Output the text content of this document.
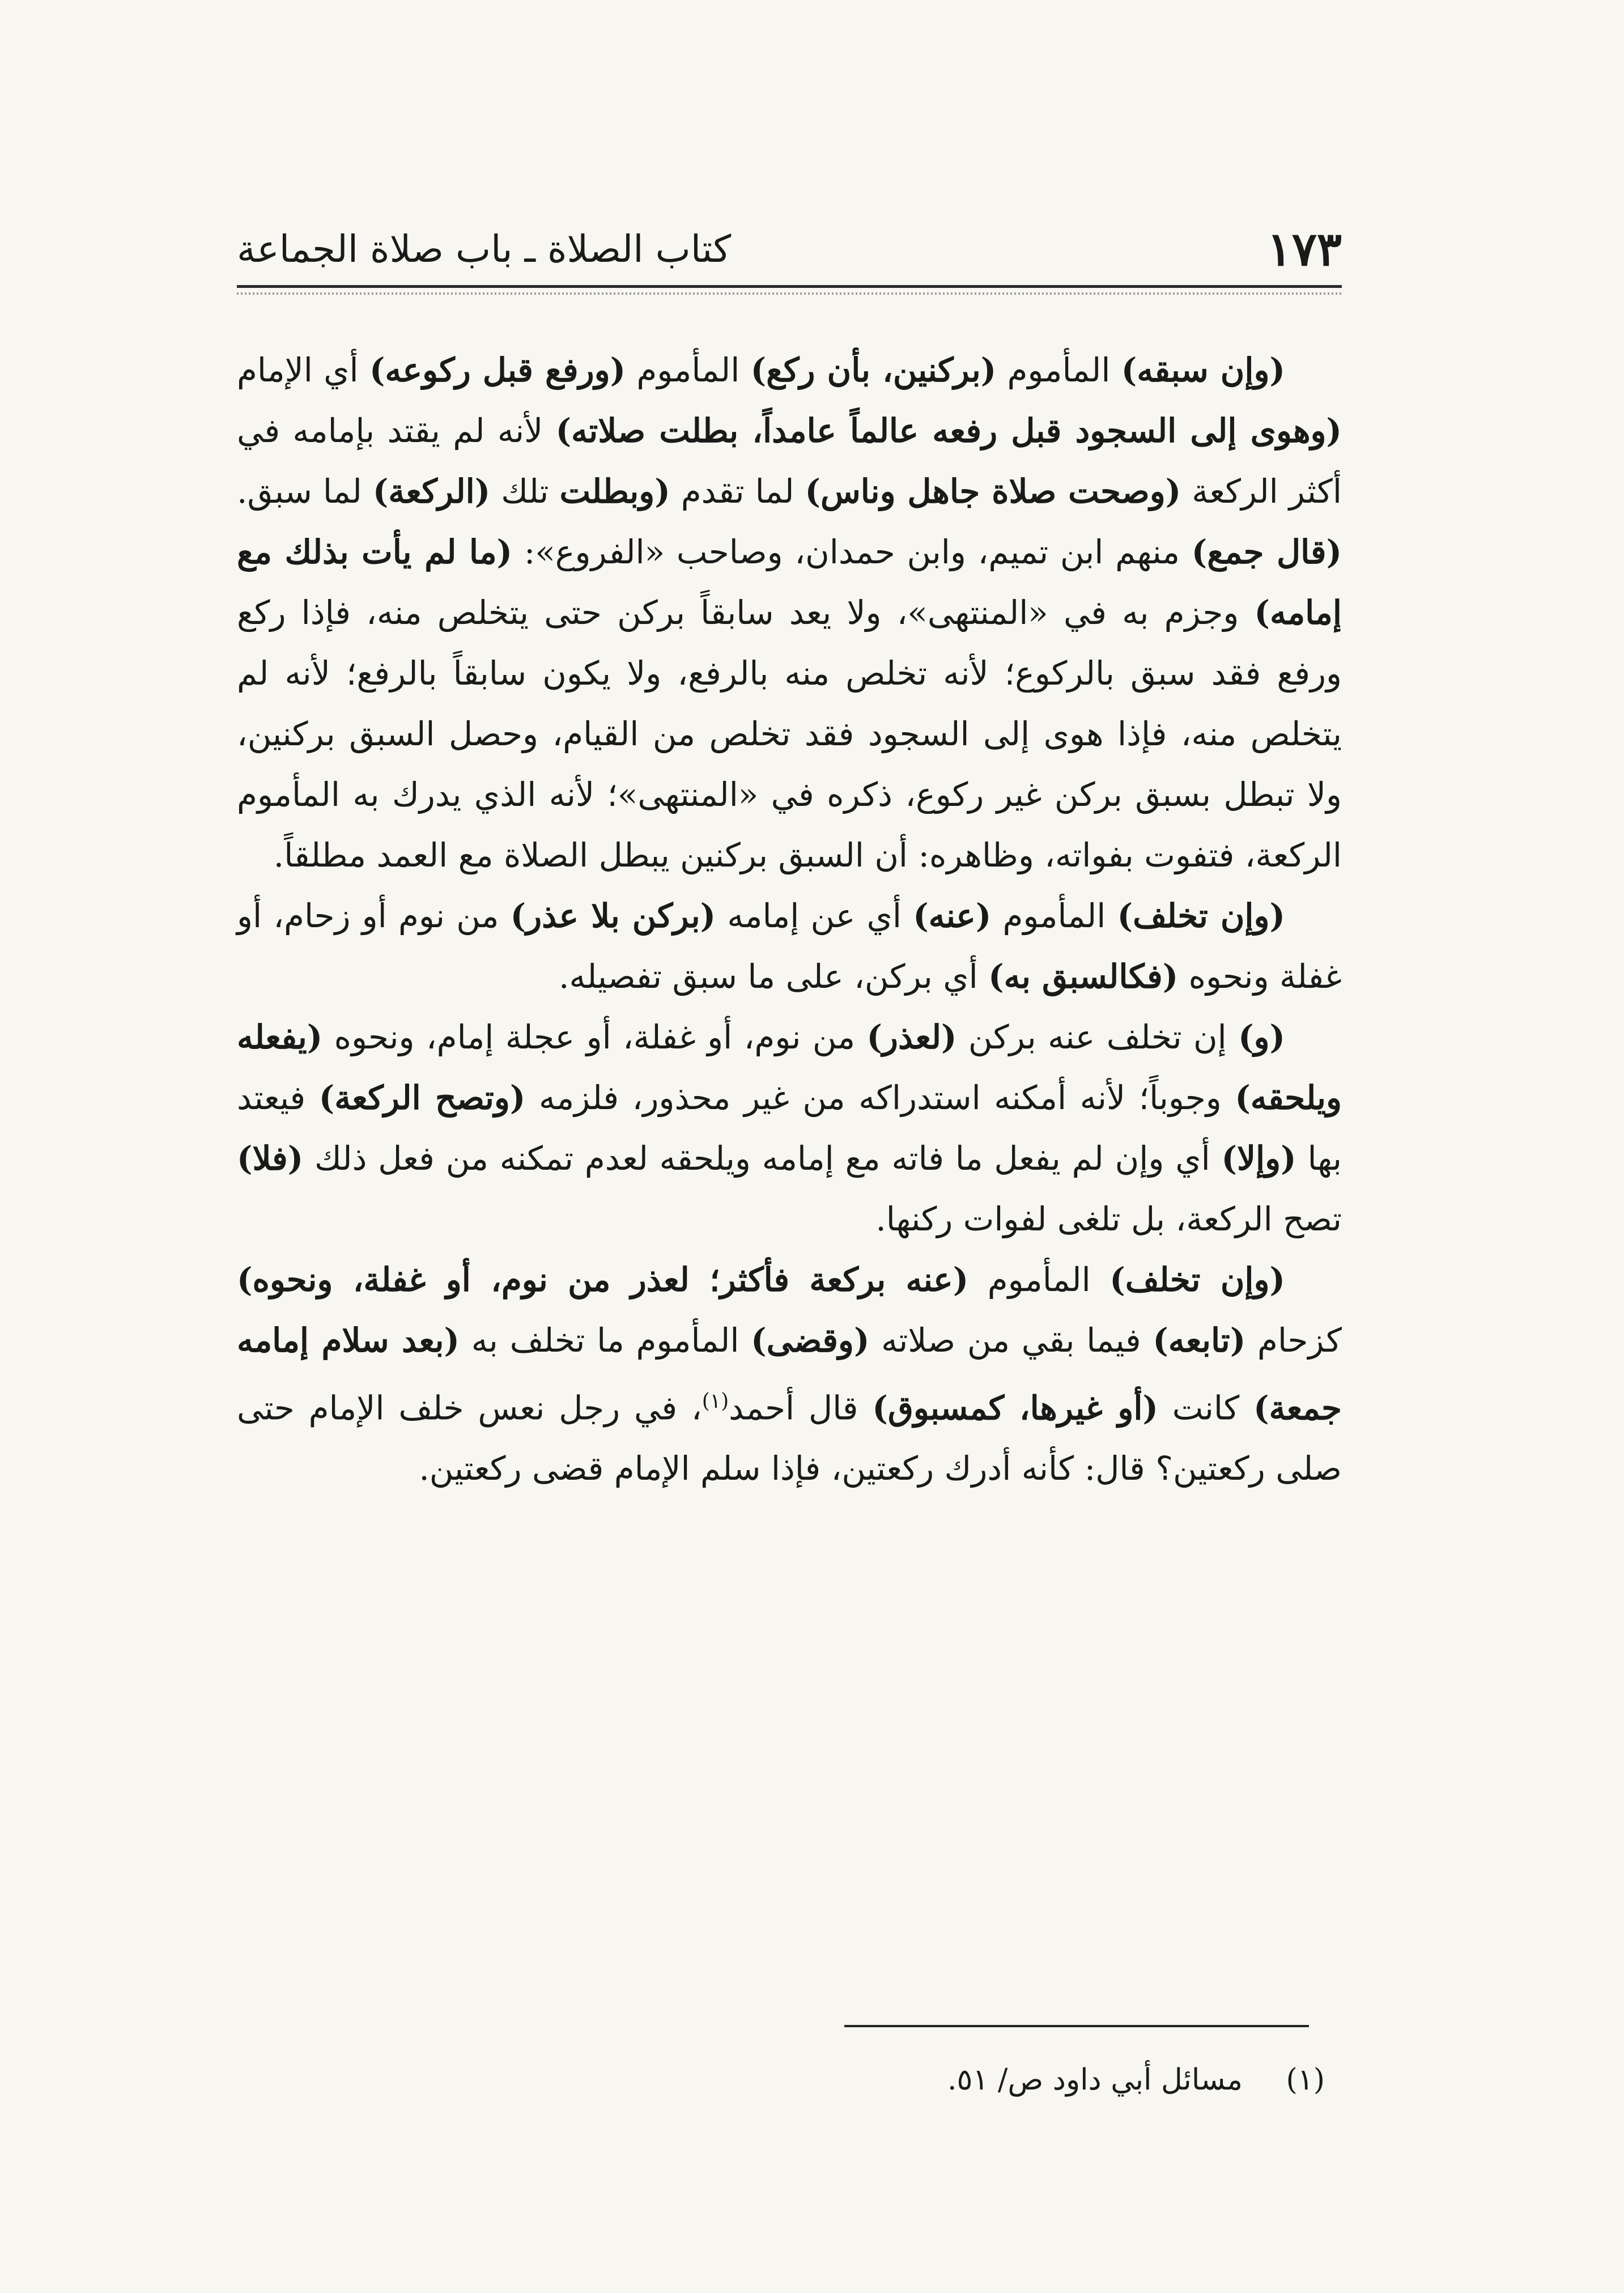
١٧٣
كتاب الصلاة ـ باب صلاة الجماعة

(وإن سبقه) المأموم (بركنين، بأن ركع) المأموم (ورفع قبل ركوعه) أي الإمام (وهوى إلى السجود قبل رفعه عالماً عامداً، بطلت صلاته) لأنه لم يقتد بإمامه في أكثر الركعة (وصحت صلاة جاهل وناس) لما تقدم (وبطلت تلك (الركعة) لما سبق. (قال جمع) منهم ابن تميم، وابن حمدان، وصاحب «الفروع»: (ما لم يأت بذلك مع إمامه) وجزم به في «المنتهى»، ولا يعد سابقاً بركن حتى يتخلص منه، فإذا ركع ورفع فقد سبق بالركوع؛ لأنه تخلص منه بالرفع، ولا يكون سابقاً بالرفع؛ لأنه لم يتخلص منه، فإذا هوى إلى السجود فقد تخلص من القيام، وحصل السبق بركنين، ولا تبطل بسبق بركن غير ركوع، ذكره في «المنتهى»؛ لأنه الذي يدرك به المأموم الركعة، فتفوت بفواته، وظاهره: أن السبق بركنين يبطل الصلاة مع العمد مطلقاً.

(وإن تخلف) المأموم (عنه) أي عن إمامه (بركن بلا عذر) من نوم أو زحام، أو غفلة ونحوه (فكالسبق به) أي بركن، على ما سبق تفصيله.

(و) إن تخلف عنه بركن (لعذر) من نوم، أو غفلة، أو عجلة إمام، ونحوه (يفعله ويلحقه) وجوباً؛ لأنه أمكنه استدراكه من غير محذور، فلزمه (وتصح الركعة) فيعتد بها (وإلا) أي وإن لم يفعل ما فاته مع إمامه ويلحقه لعدم تمكنه من فعل ذلك (فلا) تصح الركعة، بل تلغى لفوات ركنها.

(وإن تخلف) المأموم (عنه بركعة فأكثر؛ لعذر من نوم، أو غفلة، ونحوه) كزحام (تابعه) فيما بقي من صلاته (وقضى) المأموم ما تخلف به (بعد سلام إمامه جمعة) كانت (أو غيرها، كمسبوق) قال أحمد$^{(١)}$، في رجل نعس خلف الإمام حتى صلى ركعتين؟ قال: كأنه أدرك ركعتين، فإذا سلم الإمام قضى ركعتين.

(١) مسائل أبي داود ص/ ٥١.
